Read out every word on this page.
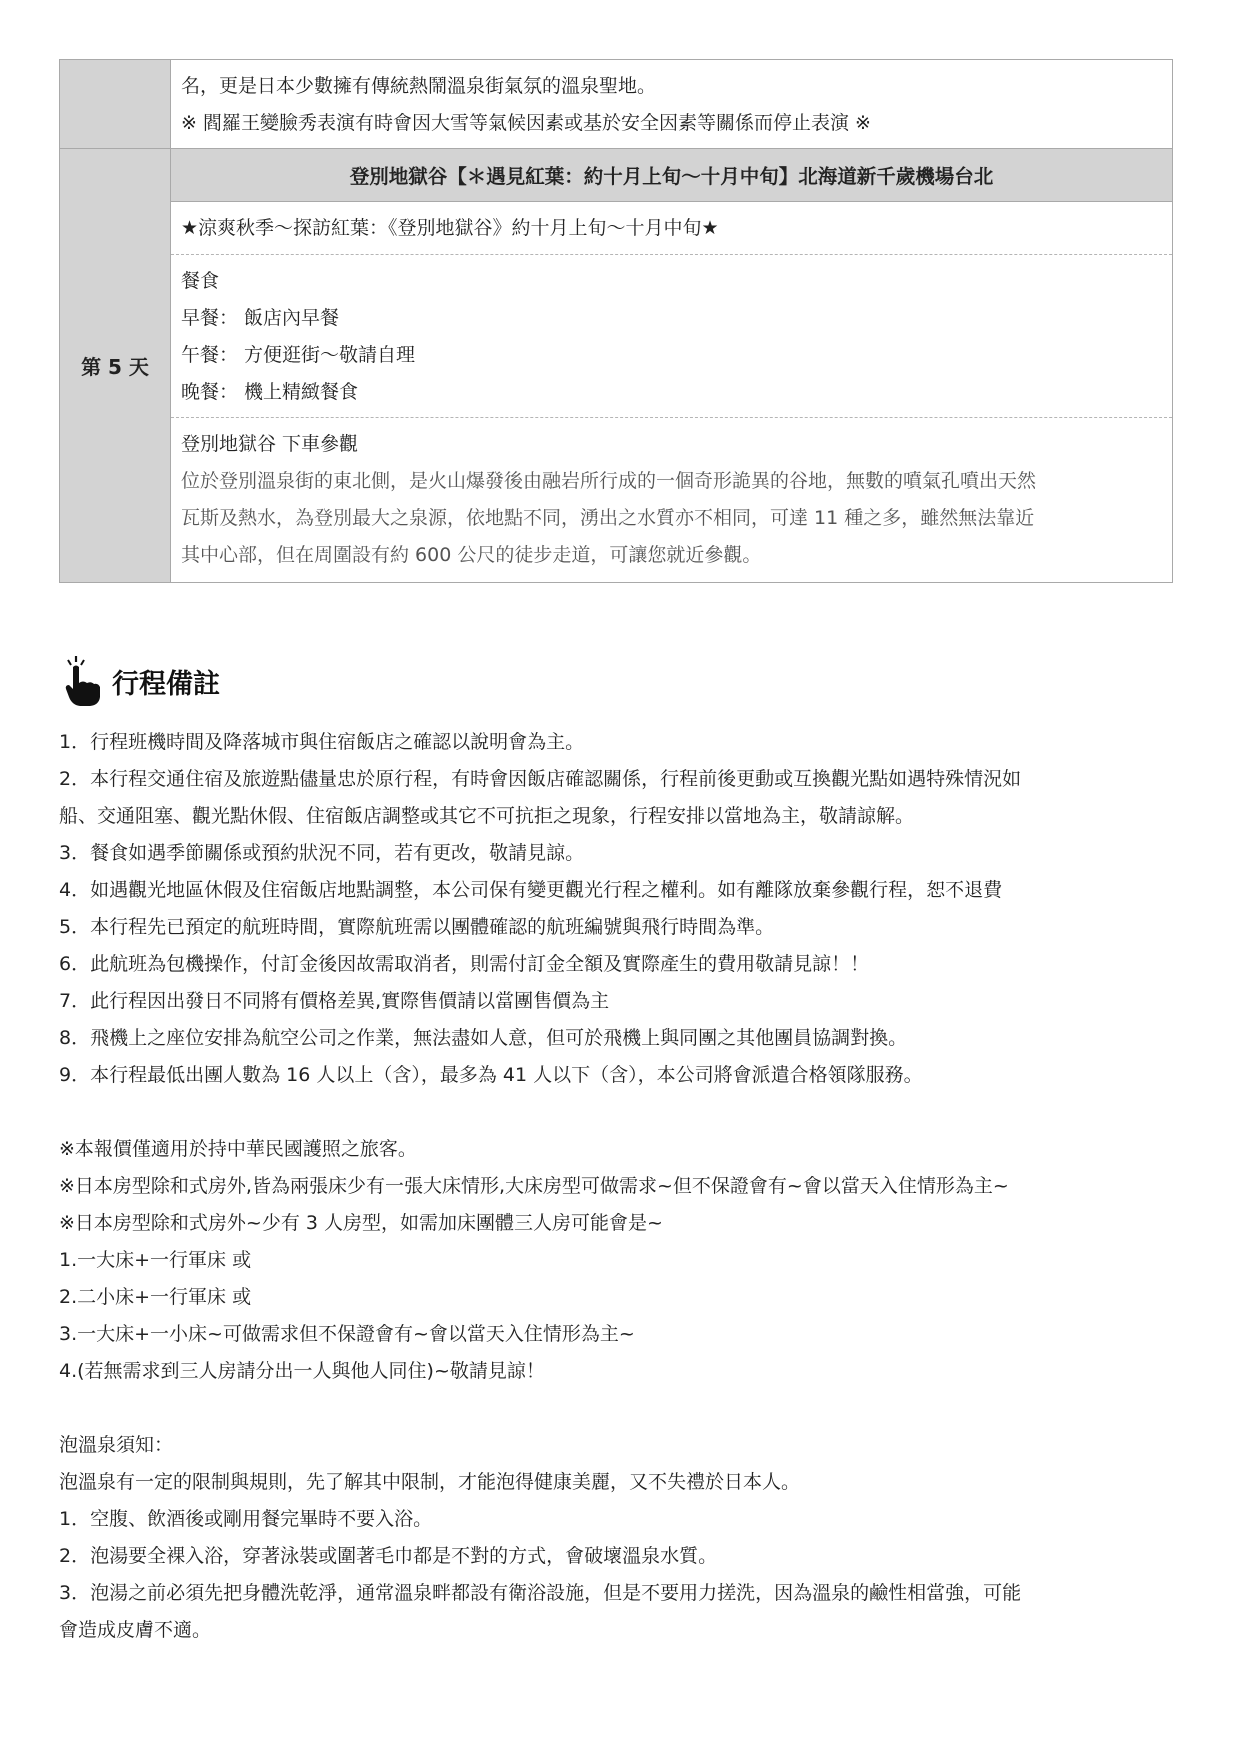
名，更是日本少數擁有傳統熱鬧溫泉街氣氛的溫泉聖地。

※ 閻羅王變臉秀表演有時會因大雪等氣候因素或基於安全因素等關係而停止表演 ※

第 5 天
登別地獄谷【＊遇見紅葉：約十月上旬～十月中旬】北海道新千歲機場台北

★涼爽秋季～探訪紅葉：《登別地獄谷》約十月上旬～十月中旬★

餐食

早餐： 飯店內早餐

午餐： 方便逛街～敬請自理

晚餐： 機上精緻餐食

登別地獄谷 下車參觀

位於登別溫泉街的東北側，是火山爆發後由融岩所行成的一個奇形詭異的谷地，無數的噴氣孔噴出天然

瓦斯及熱水，為登別最大之泉源，依地點不同，湧出之水質亦不相同，可達 11 種之多，雖然無法靠近

其中心部，但在周圍設有約 600 公尺的徒步走道，可讓您就近參觀。

行程備註

1．行程班機時間及降落城市與住宿飯店之確認以說明會為主。

2．本行程交通住宿及旅遊點儘量忠於原行程，有時會因飯店確認關係，行程前後更動或互換觀光點如遇特殊情況如

船、交通阻塞、觀光點休假、住宿飯店調整或其它不可抗拒之現象，行程安排以當地為主，敬請諒解。

3．餐食如遇季節關係或預約狀況不同，若有更改，敬請見諒。

4．如遇觀光地區休假及住宿飯店地點調整，本公司保有變更觀光行程之權利。如有離隊放棄參觀行程，恕不退費

5．本行程先已預定的航班時間，實際航班需以團體確認的航班編號與飛行時間為準。

6．此航班為包機操作，付訂金後因故需取消者，則需付訂金全額及實際產生的費用敬請見諒！！

7．此行程因出發日不同將有價格差異,實際售價請以當團售價為主

8．飛機上之座位安排為航空公司之作業，無法盡如人意，但可於飛機上與同團之其他團員協調對換。

9．本行程最低出團人數為 16 人以上（含），最多為 41 人以下（含），本公司將會派遣合格領隊服務。

※本報價僅適用於持中華民國護照之旅客。

※日本房型除和式房外,皆為兩張床少有一張大床情形,大床房型可做需求~但不保證會有~會以當天入住情形為主~

※日本房型除和式房外~少有 3 人房型，如需加床團體三人房可能會是~

1.一大床+一行軍床 或

2.二小床+一行軍床 或

3.一大床+一小床~可做需求但不保證會有~會以當天入住情形為主~

4.(若無需求到三人房請分出一人與他人同住)~敬請見諒！

泡溫泉須知：

泡溫泉有一定的限制與規則，先了解其中限制，才能泡得健康美麗，又不失禮於日本人。

1．空腹、飲酒後或剛用餐完畢時不要入浴。

2．泡湯要全裸入浴，穿著泳裝或圍著毛巾都是不對的方式，會破壞溫泉水質。

3．泡湯之前必須先把身體洗乾淨，通常溫泉畔都設有衛浴設施，但是不要用力搓洗，因為溫泉的鹼性相當強，可能

會造成皮膚不適。
